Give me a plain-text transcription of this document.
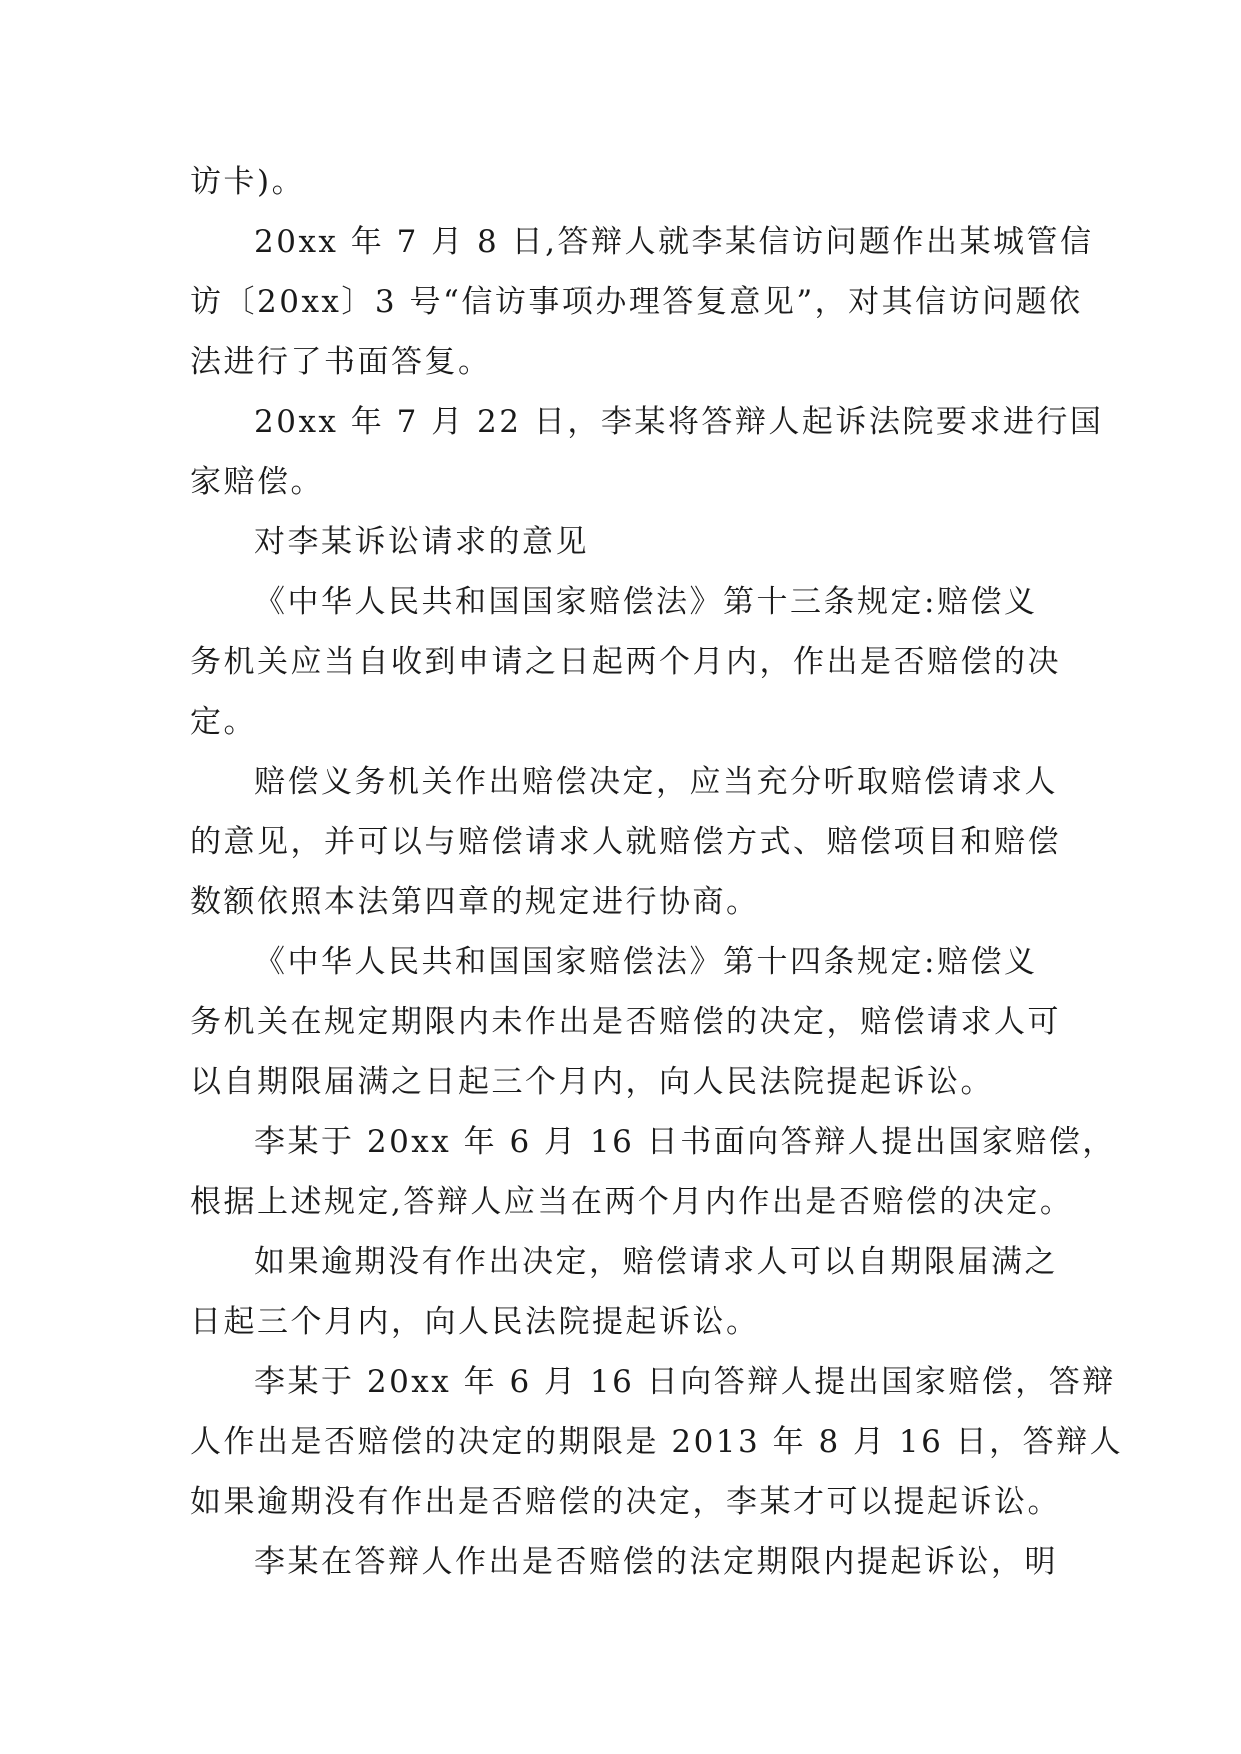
访卡)。
20xx 年 7 月 8 日,答辩人就李某信访问题作出某城管信
访〔20xx〕3 号“信访事项办理答复意见”，对其信访问题依
法进行了书面答复。
20xx 年 7 月 22 日，李某将答辩人起诉法院要求进行国
家赔偿。
对李某诉讼请求的意见
《中华人民共和国国家赔偿法》第十三条规定:赔偿义
务机关应当自收到申请之日起两个月内，作出是否赔偿的决
定。
赔偿义务机关作出赔偿决定，应当充分听取赔偿请求人
的意见，并可以与赔偿请求人就赔偿方式、赔偿项目和赔偿
数额依照本法第四章的规定进行协商。
《中华人民共和国国家赔偿法》第十四条规定:赔偿义
务机关在规定期限内未作出是否赔偿的决定，赔偿请求人可
以自期限届满之日起三个月内，向人民法院提起诉讼。
李某于 20xx 年 6 月 16 日书面向答辩人提出国家赔偿，
根据上述规定,答辩人应当在两个月内作出是否赔偿的决定。
如果逾期没有作出决定，赔偿请求人可以自期限届满之
日起三个月内，向人民法院提起诉讼。
李某于 20xx 年 6 月 16 日向答辩人提出国家赔偿，答辩
人作出是否赔偿的决定的期限是 2013 年 8 月 16 日，答辩人
如果逾期没有作出是否赔偿的决定，李某才可以提起诉讼。
李某在答辩人作出是否赔偿的法定期限内提起诉讼，明
